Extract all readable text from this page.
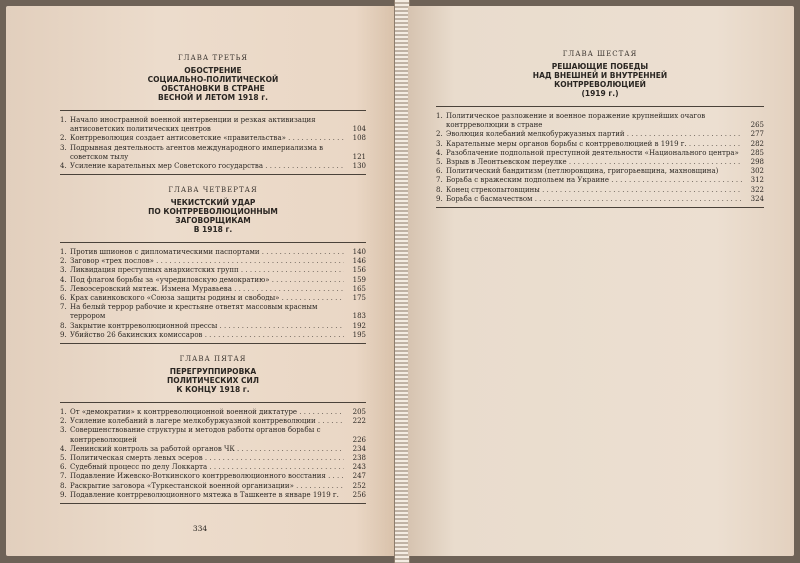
ГЛАВА ТРЕТЬЯ
ОБОСТРЕНИЕ
СОЦИАЛЬНО-ПОЛИТИЧЕСКОЙ
ОБСТАНОВКИ В СТРАНЕ
ВЕСНОЙ И ЛЕТОМ 1918 г.
1. Начало иностранной военной интервенции и резкая активизация антисоветских политических центров	104
2. Контрреволюция создает антисоветские «правительства» . . .	108
3. Подрывная деятельность агентов международного империализма в советском тылу	121
4. Усиление карательных мер Советского государства . . .	130
ГЛАВА ЧЕТВЕРТАЯ
ЧЕКИСТСКИЙ УДАР
ПО КОНТРРЕВОЛЮЦИОННЫМ
ЗАГОВОРЩИКАМ
В 1918 г.
1. Против шпионов с дипломатическими паспортами . . .	140
2. Заговор «трех послов» . . .	146
3. Ликвидация преступных анархистских групп . . .	156
4. Под флагом борьбы за «учредиловскую демократию» . . .	159
5. Левоэсеровский мятеж. Измена Муравьева . . .	165
6. Крах савинковского «Союза защиты родины и свободы» . . .	175
7. На белый террор рабочие и крестьяне ответят массовым красным террором	183
8. Закрытие контрреволюционной прессы . . .	192
9. Убийство 26 бакинских комиссаров . . .	195
ГЛАВА ПЯТАЯ
ПЕРЕГРУППИРОВКА
ПОЛИТИЧЕСКИХ СИЛ
К КОНЦУ 1918 г.
1. От «демократии» к контрреволюционной военной диктатуре . . .	205
2. Усиление колебаний в лагере мелкобуржуазной контрреволюции . . .	222
3. Совершенствование структуры и методов работы органов борьбы с контрреволюцией	226
4. Ленинский контроль за работой органов ЧК . . .	234
5. Политическая смерть левых эсеров . . .	238
6. Судебный процесс по делу Локкарта . . .	243
7. Подавление Ижевско-Воткинского контрреволюционного восстания . . .	247
8. Раскрытие заговора «Туркестанской военной организации» . . .	252
9. Подавление контрреволюционного мятежа в Ташкенте в январе 1919 г.	256
334
ГЛАВА ШЕСТАЯ
РЕШАЮЩИЕ ПОБЕДЫ
НАД ВНЕШНЕЙ И ВНУТРЕННЕЙ
КОНТРРЕВОЛЮЦИЕЙ
(1919 г.)
1. Политическое разложение и военное поражение крупнейших очагов контрреволюции в стране	265
2. Эволюция колебаний мелкобуржуазных партий . . .	277
3. Карательные меры органов борьбы с контрреволюцией в 1919 г. . . .	282
4. Разоблачение подпольной преступной деятельности «Национального центра»	285
5. Взрыв в Леонтьевском переулке . . .	298
6. Политический бандитизм (петлюровщина, григорьевщина, махновщина)	302
7. Борьба с вражеским подпольем на Украине . . .	312
8. Конец стрекопытовщины . . .	322
9. Борьба с басмачеством . . .	324
